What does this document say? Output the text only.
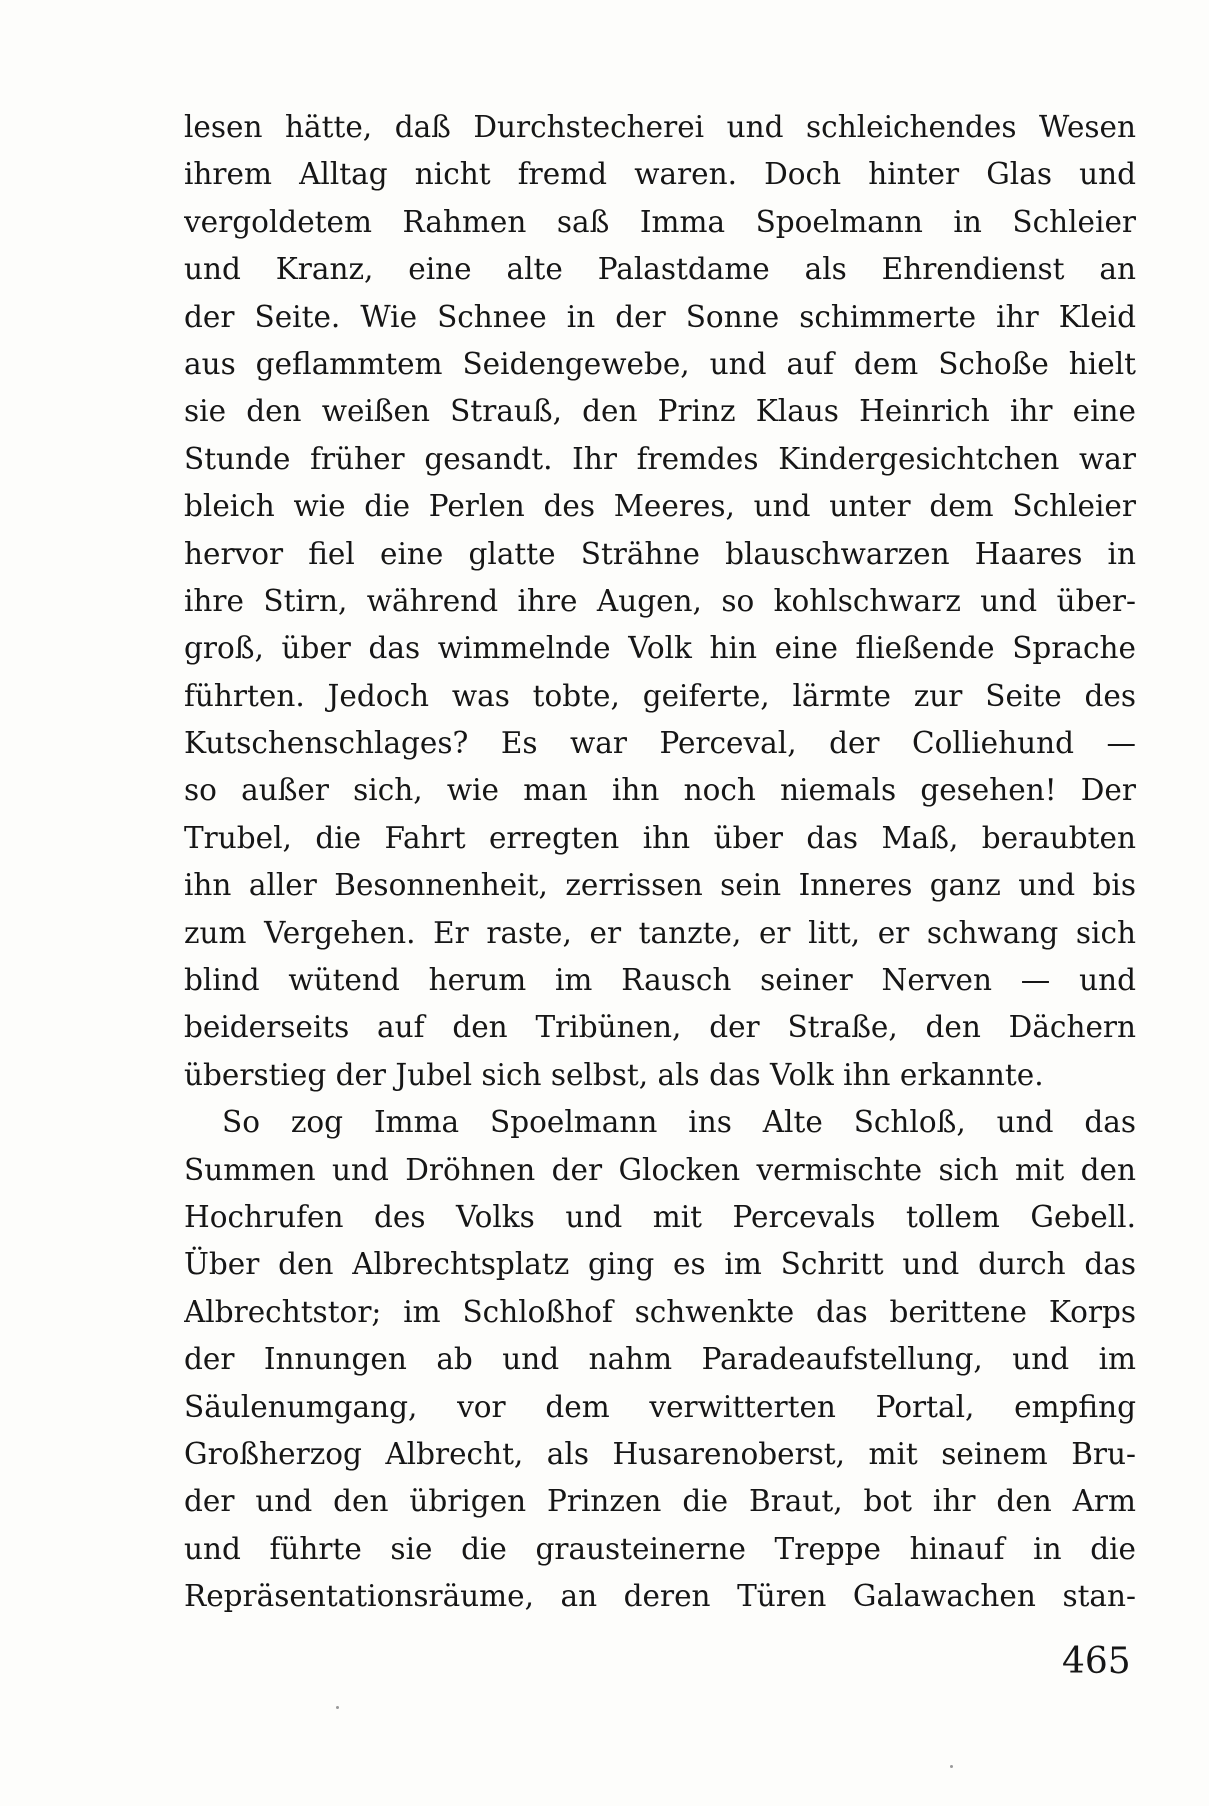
lesen hätte, daß Durchstecherei und schleichendes Wesen
ihrem Alltag nicht fremd waren. Doch hinter Glas und
vergoldetem Rahmen saß Imma Spoelmann in Schleier
und Kranz, eine alte Palastdame als Ehrendienst an
der Seite. Wie Schnee in der Sonne schimmerte ihr Kleid
aus geflammtem Seidengewebe, und auf dem Schoße hielt
sie den weißen Strauß, den Prinz Klaus Heinrich ihr eine
Stunde früher gesandt. Ihr fremdes Kindergesichtchen war
bleich wie die Perlen des Meeres, und unter dem Schleier
hervor fiel eine glatte Strähne blauschwarzen Haares in
ihre Stirn, während ihre Augen, so kohlschwarz und über-
groß, über das wimmelnde Volk hin eine fließende Sprache
führten. Jedoch was tobte, geiferte, lärmte zur Seite des
Kutschenschlages? Es war Perceval, der Colliehund —
so außer sich, wie man ihn noch niemals gesehen! Der
Trubel, die Fahrt erregten ihn über das Maß, beraubten
ihn aller Besonnenheit, zerrissen sein Inneres ganz und bis
zum Vergehen. Er raste, er tanzte, er litt, er schwang sich
blind wütend herum im Rausch seiner Nerven — und
beiderseits auf den Tribünen, der Straße, den Dächern
überstieg der Jubel sich selbst, als das Volk ihn erkannte.
So zog Imma Spoelmann ins Alte Schloß, und das
Summen und Dröhnen der Glocken vermischte sich mit den
Hochrufen des Volks und mit Percevals tollem Gebell.
Über den Albrechtsplatz ging es im Schritt und durch das
Albrechtstor; im Schloßhof schwenkte das berittene Korps
der Innungen ab und nahm Paradeaufstellung, und im
Säulenumgang, vor dem verwitterten Portal, empfing
Großherzog Albrecht, als Husarenoberst, mit seinem Bru-
der und den übrigen Prinzen die Braut, bot ihr den Arm
und führte sie die grausteinerne Treppe hinauf in die
Repräsentationsräume, an deren Türen Galawachen stan-
465
